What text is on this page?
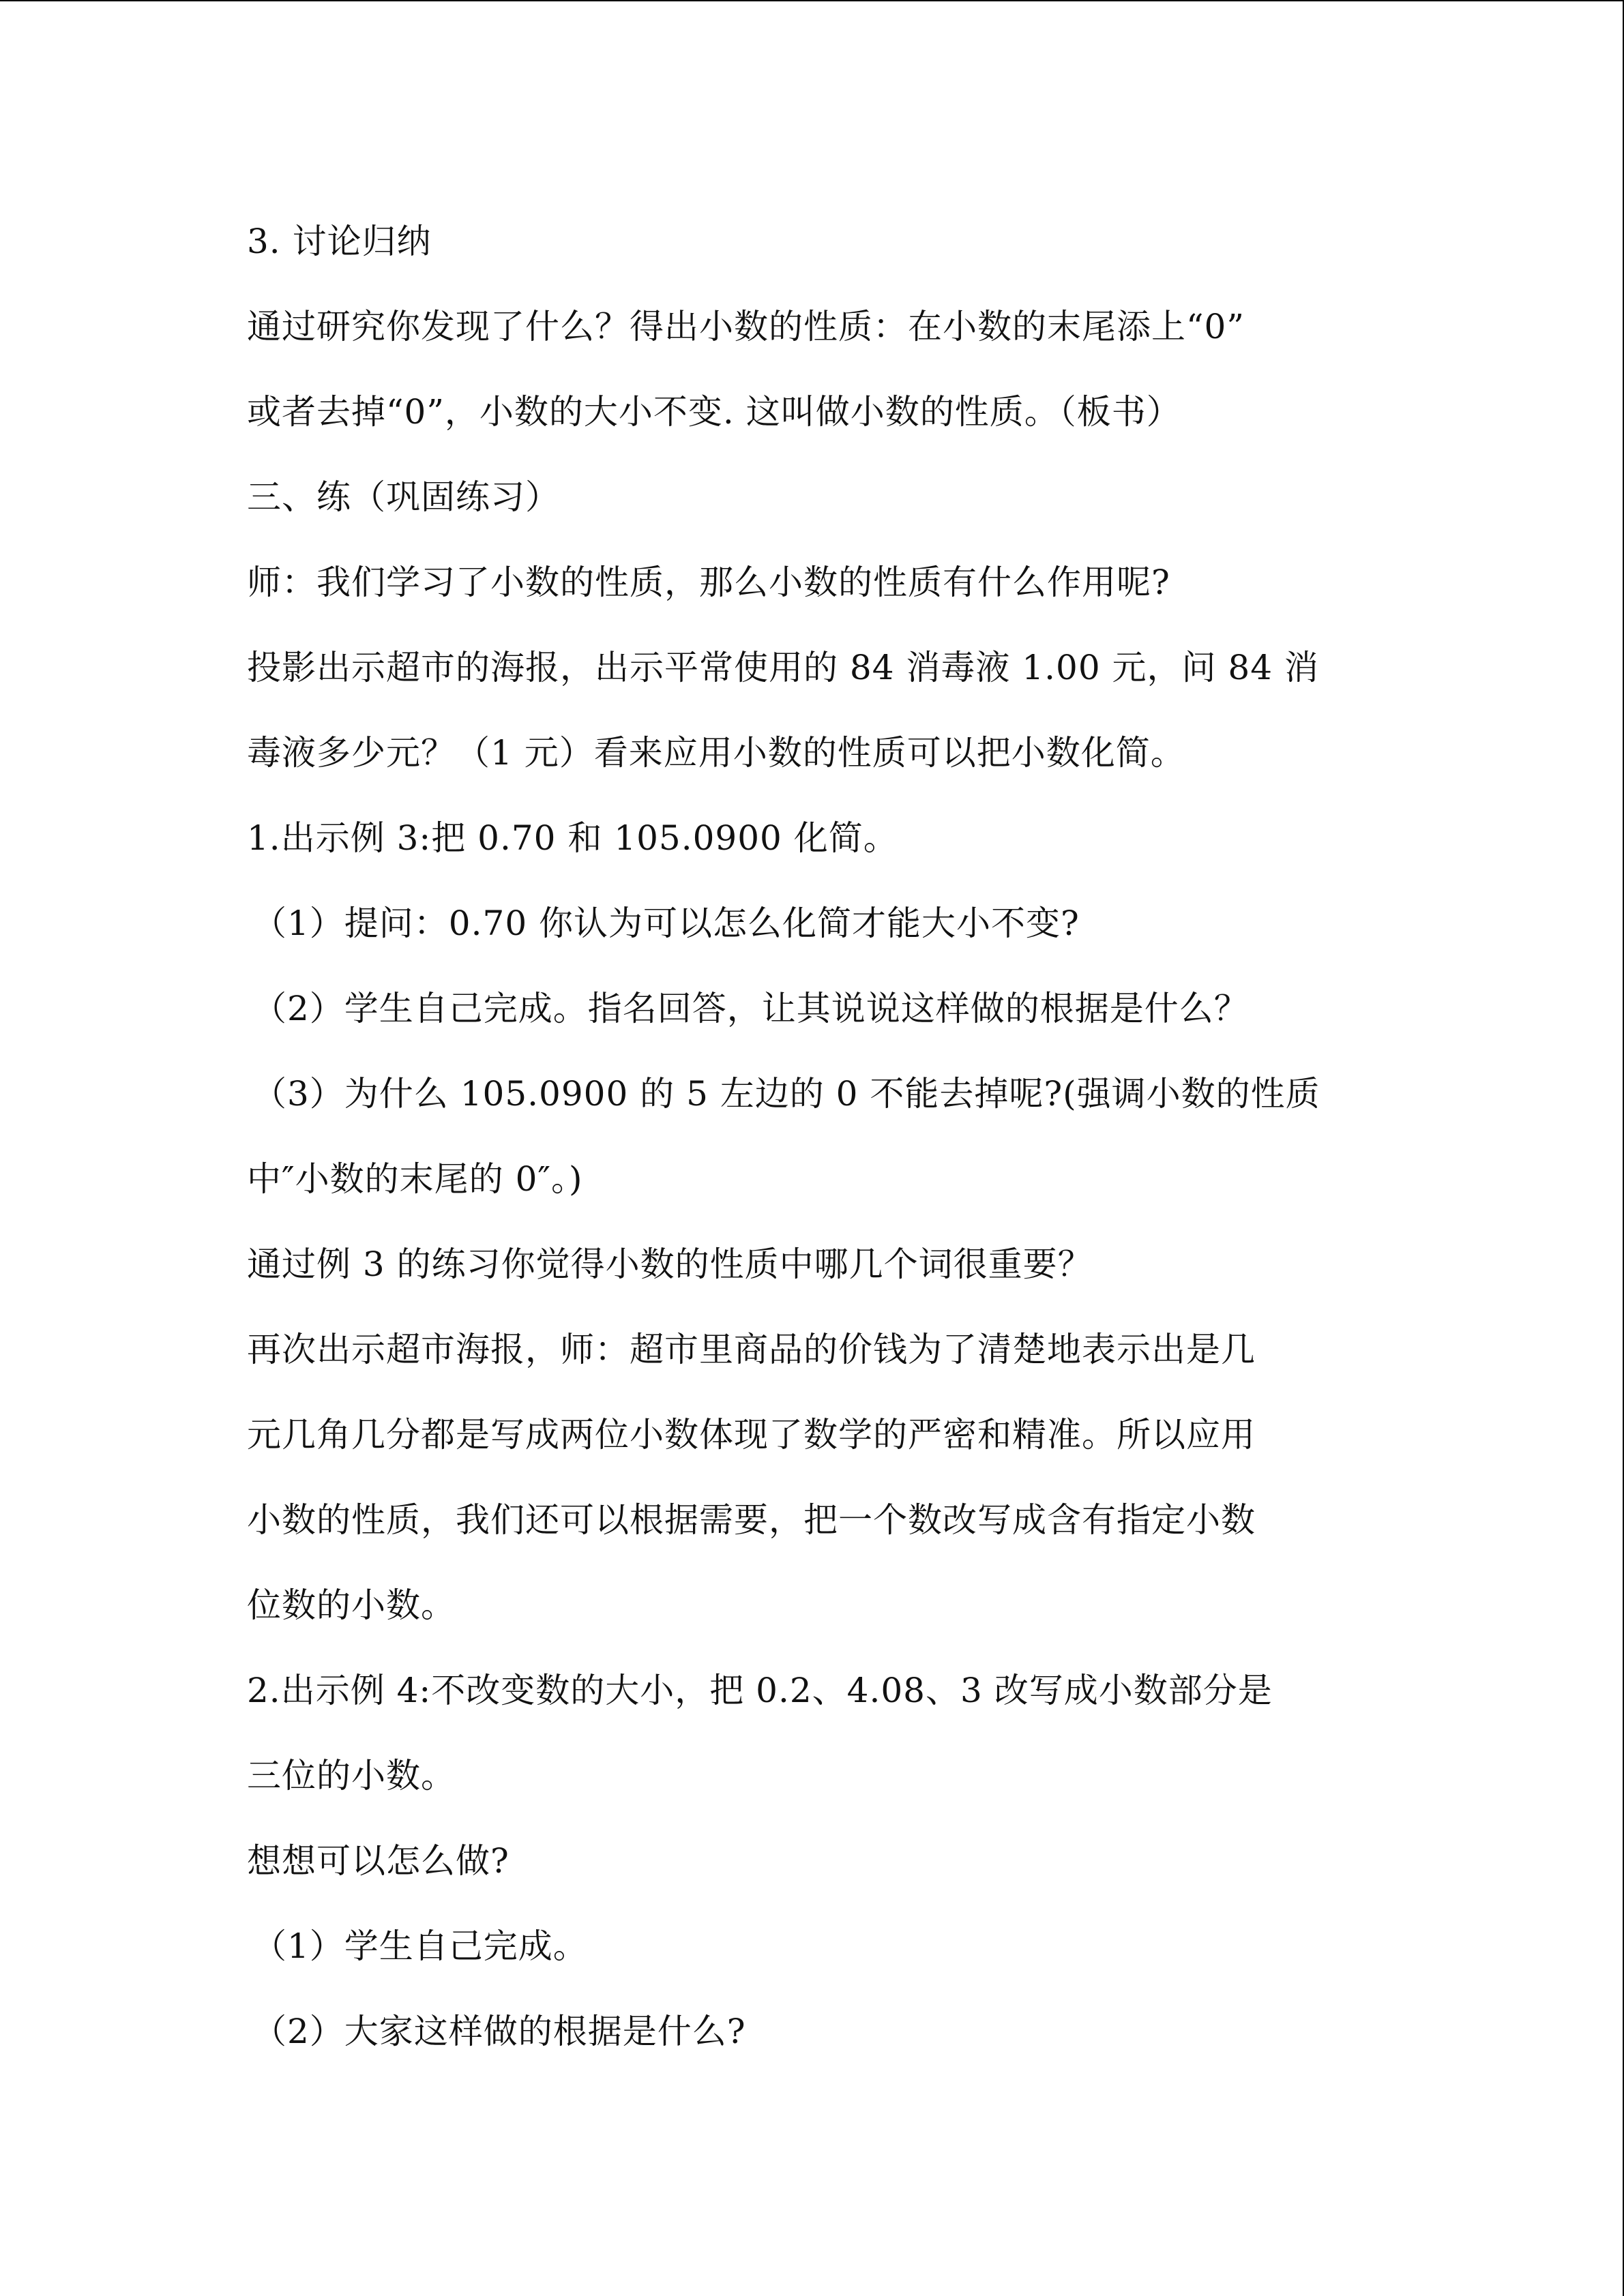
3. 讨论归纳
通过研究你发现了什么？得出小数的性质：在小数的末尾添上“0”
或者去掉“0”，小数的大小不变. 这叫做小数的性质。（板书）
三、练（巩固练习）
师：我们学习了小数的性质，那么小数的性质有什么作用呢?
投影出示超市的海报，出示平常使用的 84 消毒液 1.00 元，问 84 消
毒液多少元？（1 元）看来应用小数的性质可以把小数化简。
1.出示例 3:把 0.70 和 105.0900 化简。
（1）提问：0.70 你认为可以怎么化简才能大小不变?
（2）学生自己完成。指名回答，让其说说这样做的根据是什么？
（3）为什么 105.0900 的 5 左边的 0 不能去掉呢?(强调小数的性质
中″小数的末尾的 0″。)
通过例 3 的练习你觉得小数的性质中哪几个词很重要？
再次出示超市海报，师：超市里商品的价钱为了清楚地表示出是几
元几角几分都是写成两位小数体现了数学的严密和精准。所以应用
小数的性质，我们还可以根据需要，把一个数改写成含有指定小数
位数的小数。
2.出示例 4:不改变数的大小，把 0.2、4.08、3 改写成小数部分是
三位的小数。
想想可以怎么做?
（1）学生自己完成。
（2）大家这样做的根据是什么?
